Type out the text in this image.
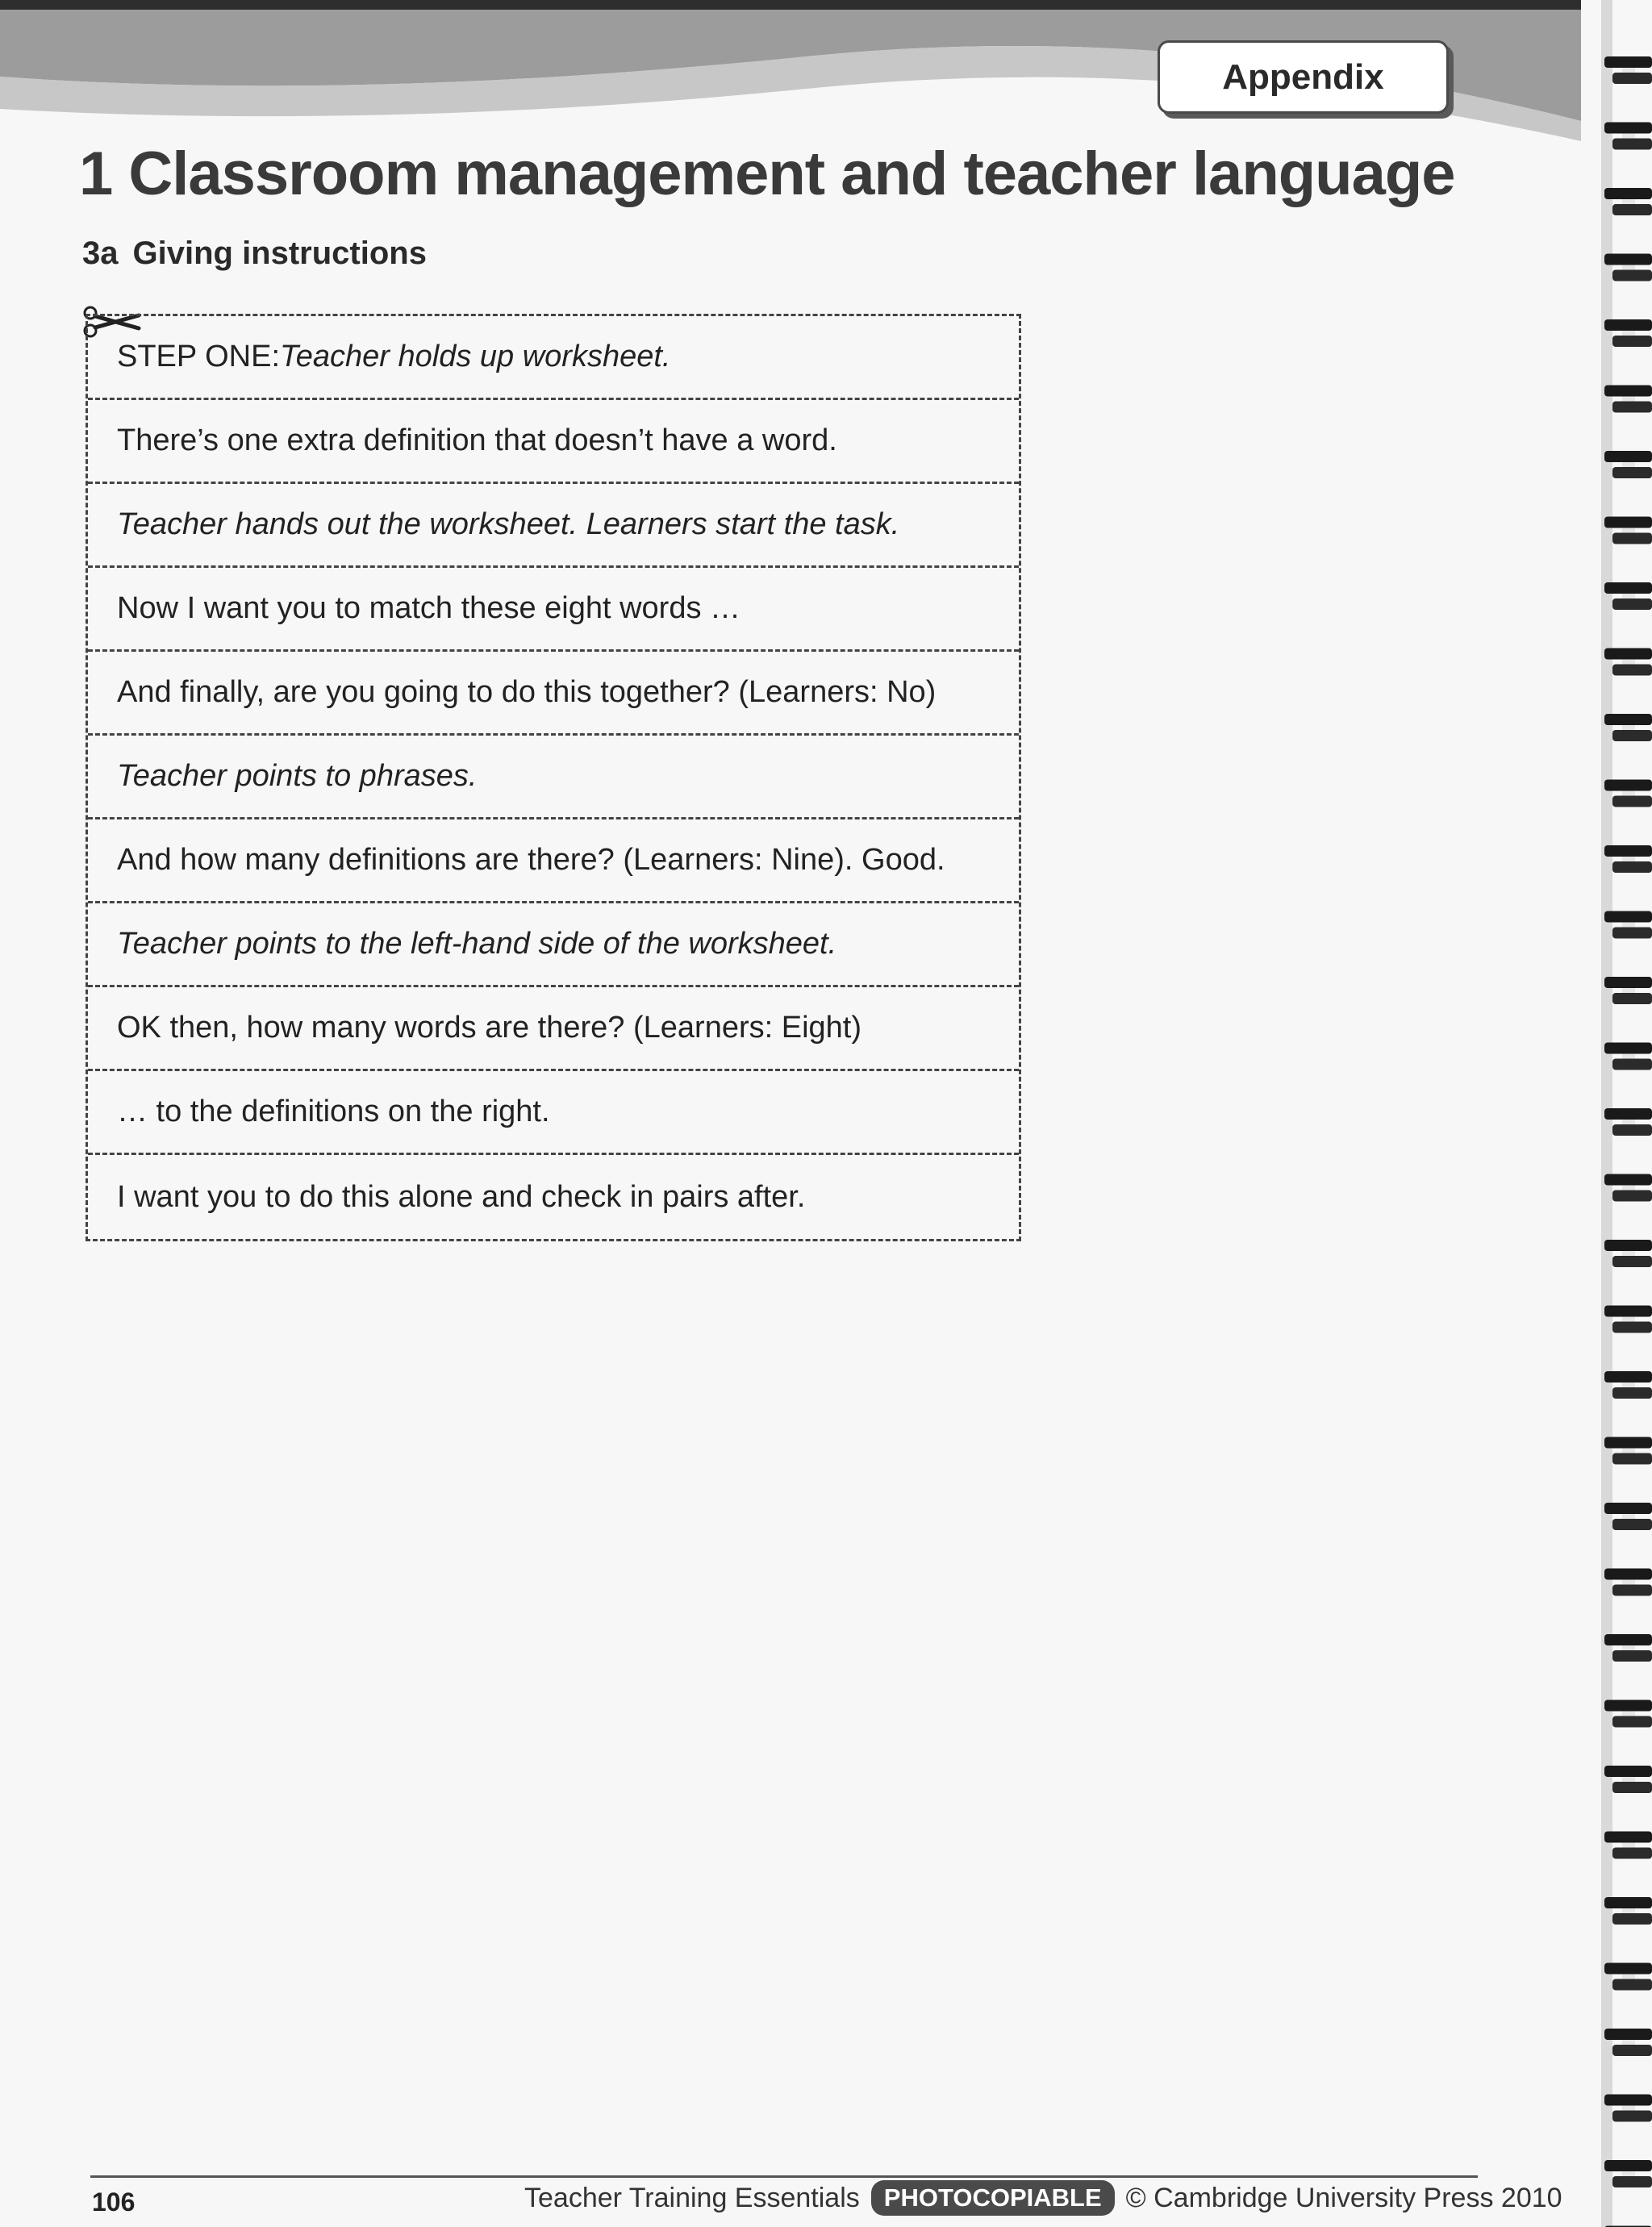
Appendix
1 Classroom management and teacher language
3a Giving instructions
STEP ONE: Teacher holds up worksheet.
There’s one extra definition that doesn’t have a word.
Teacher hands out the worksheet. Learners start the task.
Now I want you to match these eight words …
And finally, are you going to do this together? (Learners: No)
Teacher points to phrases.
And how many definitions are there? (Learners: Nine). Good.
Teacher points to the left-hand side of the worksheet.
OK then, how many words are there? (Learners: Eight)
… to the definitions on the right.
I want you to do this alone and check in pairs after.
106	Teacher Training Essentials PHOTOCOPIABLE © Cambridge University Press 2010
